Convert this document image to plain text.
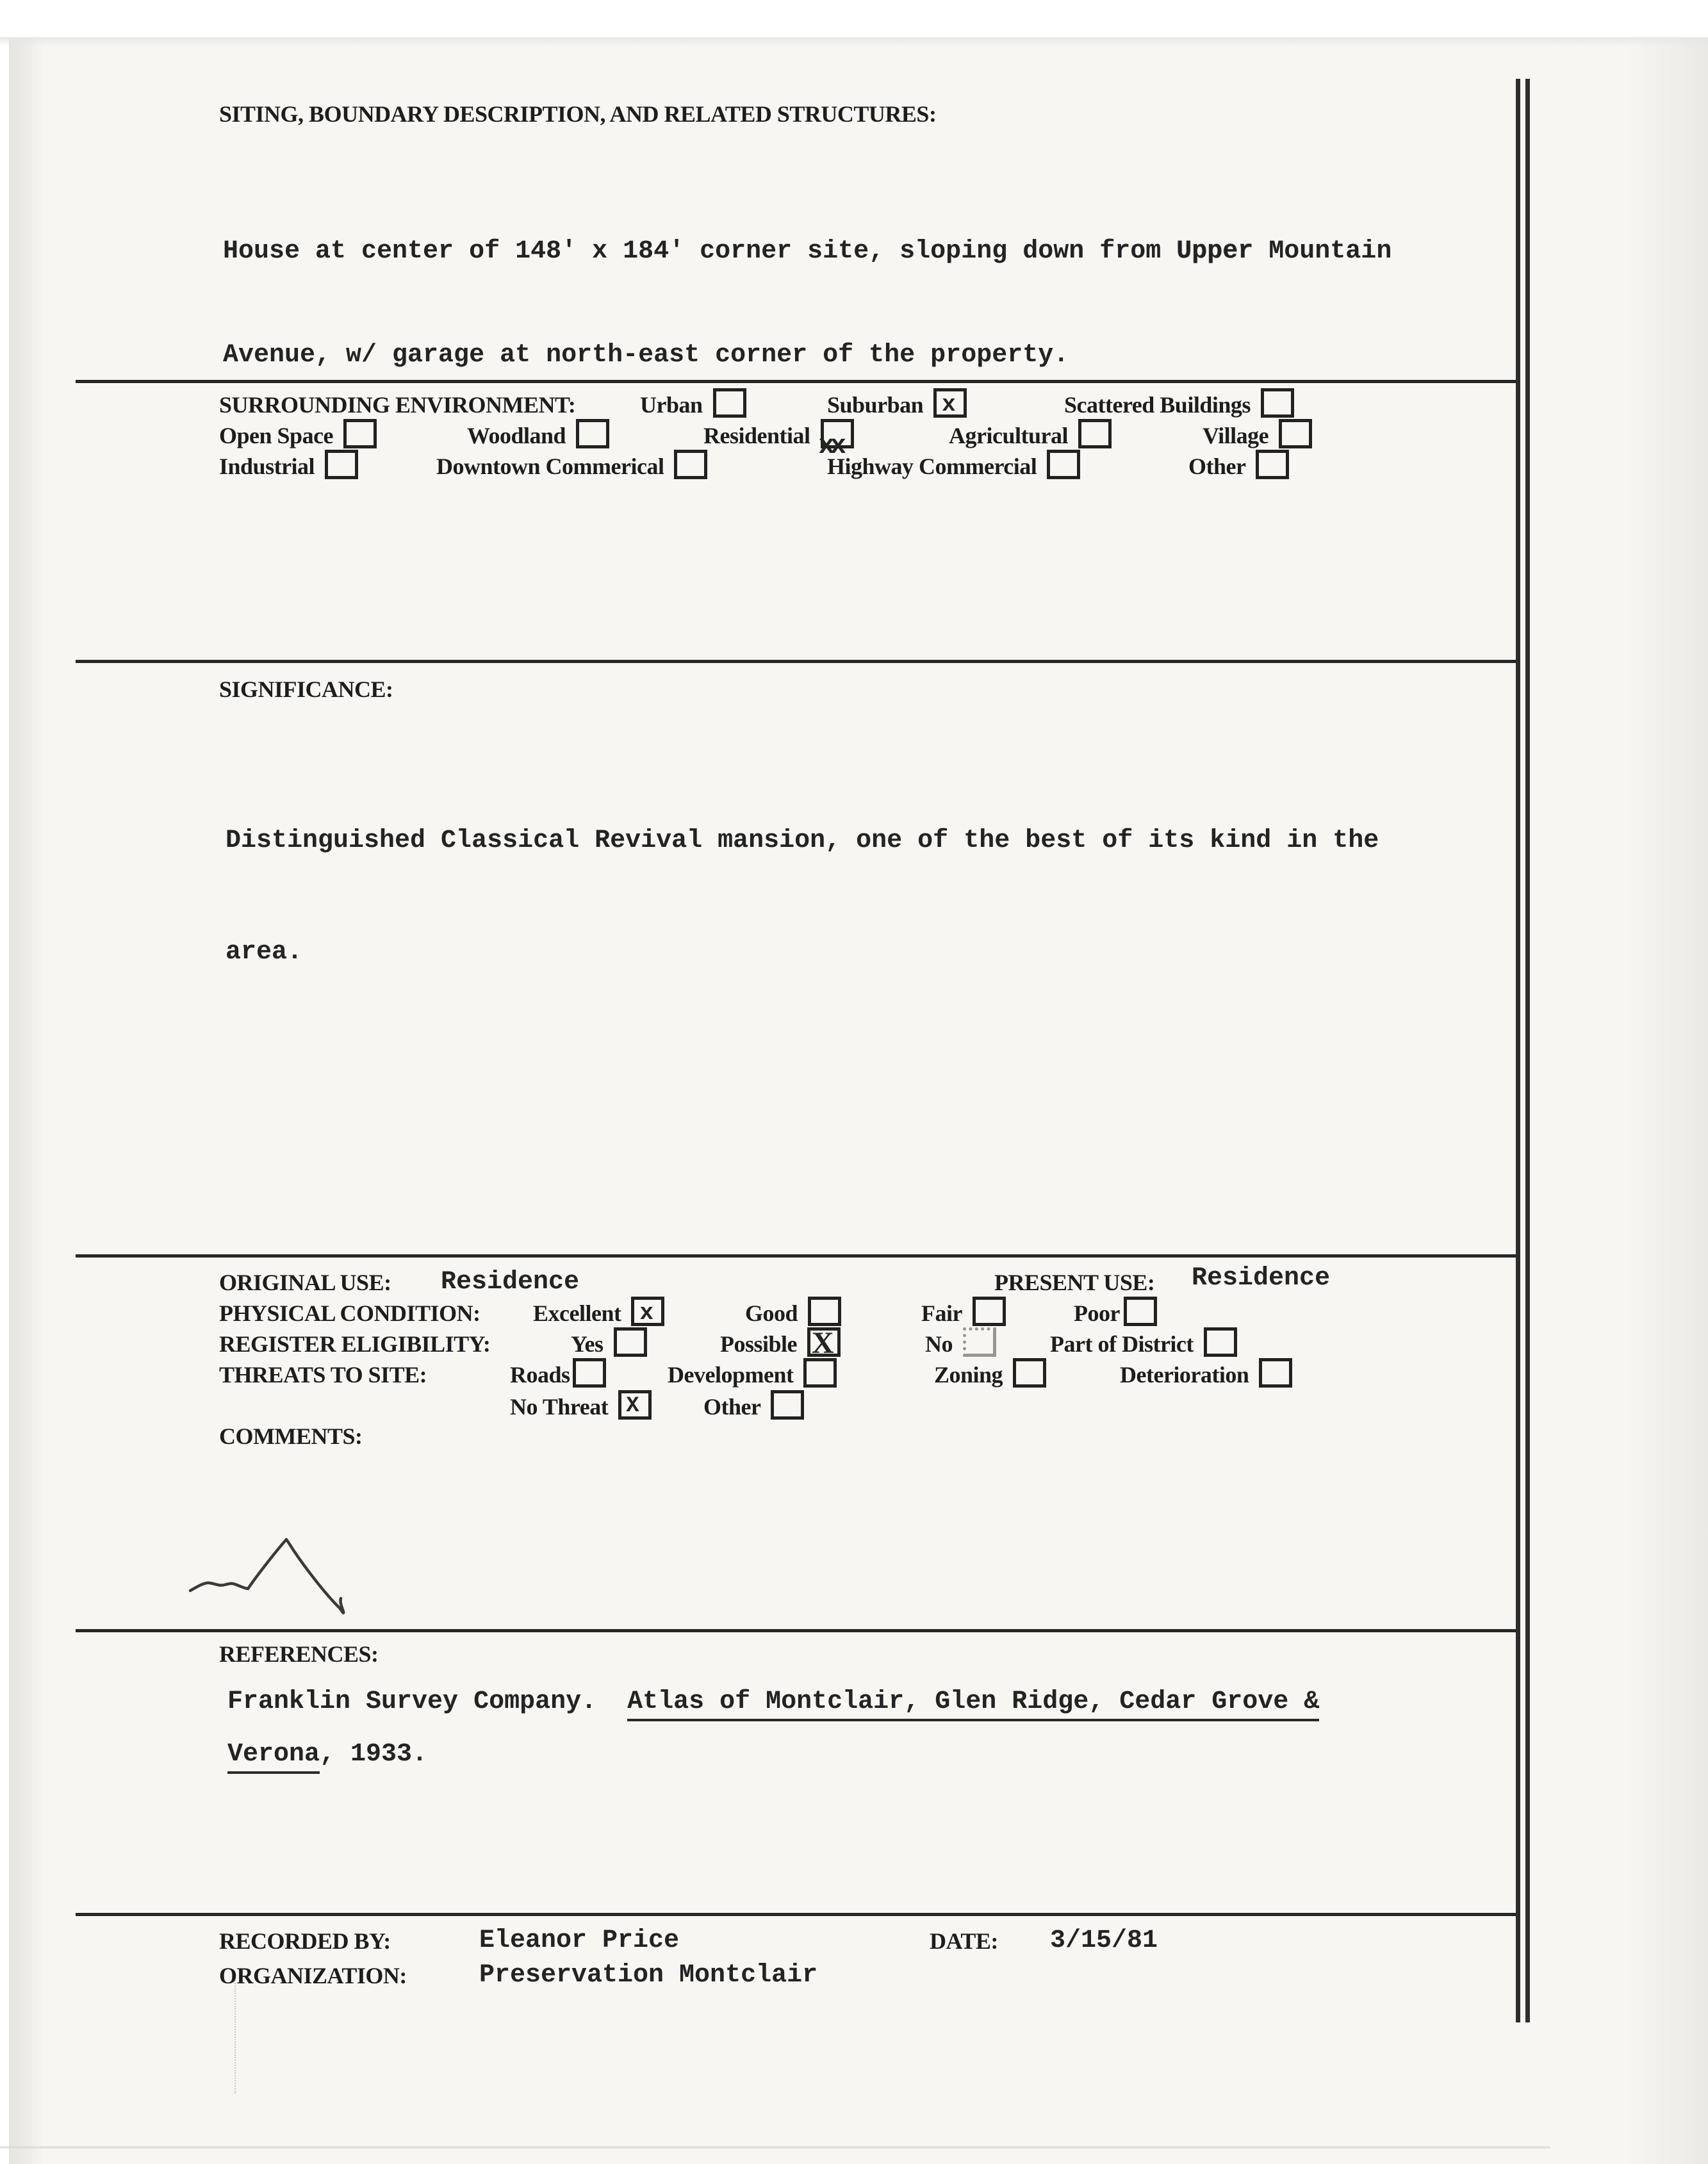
SITING, BOUNDARY DESCRIPTION, AND RELATED STRUCTURES:

House at center of 148' x 184' corner site, sloping down from Upper Mountain

Avenue, w/ garage at north-east corner of the property.

SURROUNDING ENVIRONMENT:	Urban	Suburban x	Scattered Buildings
Open Space	Woodland	Residential xx	Agricultural	Village
Industrial	Downtown Commerical	Highway Commercial	Other
SIGNIFICANCE:

Distinguished Classical Revival mansion, one of the best of its kind in the

area.

ORIGINAL USE: Residence	PRESENT USE: Residence
PHYSICAL CONDITION: Excellent x	Good	Fair	Poor
REGISTER ELIGIBILITY:	Yes	Possible X	No	Part of District
THREATS TO SITE:	Roads	Development	Zoning	Deterioration
No Threat X	Other
COMMENTS:
REFERENCES:
Franklin Survey Company.  Atlas of Montclair, Glen Ridge, Cedar Grove &
Verona, 1933.
RECORDED BY:	Eleanor Price	DATE: 3/15/81
ORGANIZATION:	Preservation Montclair
